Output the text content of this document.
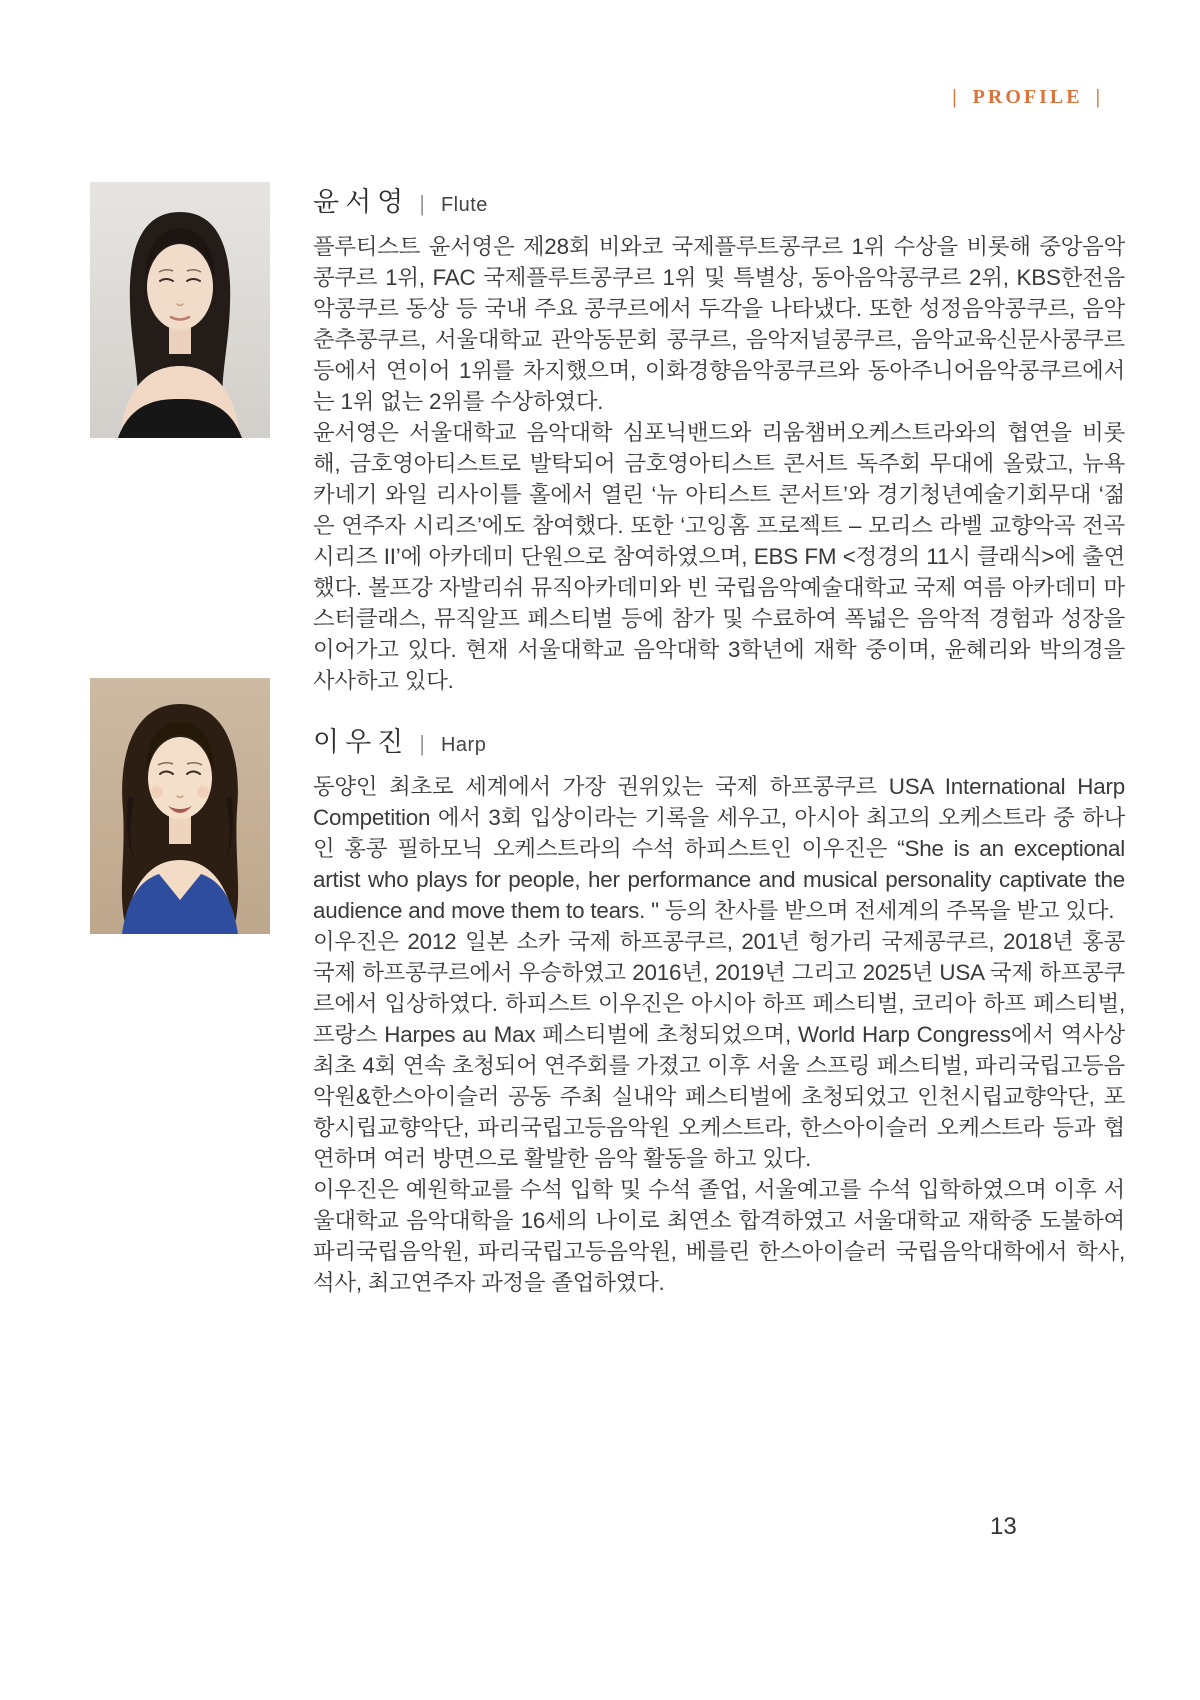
| PROFILE |
윤서영 | Flute

플루티스트 윤서영은 제28회 비와코 국제플루트콩쿠르 1위 수상을 비롯해 중앙음악콩쿠르 1위, FAC 국제플루트콩쿠르 1위 및 특별상, 동아음악콩쿠르 2위, KBS한전음악콩쿠르 동상 등 국내 주요 콩쿠르에서 두각을 나타냈다. 또한 성정음악콩쿠르, 음악춘추콩쿠르, 서울대학교 관악동문회 콩쿠르, 음악저널콩쿠르, 음악교육신문사콩쿠르 등에서 연이어 1위를 차지했으며, 이화경향음악콩쿠르와 동아주니어음악콩쿠르에서는 1위 없는 2위를 수상하였다.

윤서영은 서울대학교 음악대학 심포닉밴드와 리움챔버오케스트라와의 협연을 비롯해, 금호영아티스트로 발탁되어 금호영아티스트 콘서트 독주회 무대에 올랐고, 뉴욕 카네기 와일 리사이틀 홀에서 열린 ‘뉴 아티스트 콘서트’와 경기청년예술기회무대 ‘젊은 연주자 시리즈’에도 참여했다. 또한 ‘고잉홈 프로젝트 – 모리스 라벨 교향악곡 전곡 시리즈 II’에 아카데미 단원으로 참여하였으며, EBS FM <정경의 11시 클래식>에 출연했다. 볼프강 자발리쉬 뮤직아카데미와 빈 국립음악예술대학교 국제 여름 아카데미 마스터클래스, 뮤직알프 페스티벌 등에 참가 및 수료하여 폭넓은 음악적 경험과 성장을 이어가고 있다. 현재 서울대학교 음악대학 3학년에 재학 중이며, 윤혜리와 박의경을 사사하고 있다.

이우진 | Harp

동양인 최초로 세계에서 가장 권위있는 국제 하프콩쿠르 USA International Harp Competition 에서 3회 입상이라는 기록을 세우고, 아시아 최고의 오케스트라 중 하나인 홍콩 필하모닉 오케스트라의 수석 하피스트인 이우진은 “She is an exceptional artist who plays for people, her performance and musical personality captivate the audience and move them to tears. " 등의 찬사를 받으며 전세계의 주목을 받고 있다.

이우진은 2012 일본 소카 국제 하프콩쿠르, 201년 헝가리 국제콩쿠르, 2018년 홍콩 국제 하프콩쿠르에서 우승하였고 2016년, 2019년 그리고 2025년 USA 국제 하프콩쿠르에서 입상하였다. 하피스트 이우진은 아시아 하프 페스티벌, 코리아 하프 페스티벌, 프랑스 Harpes au Max 페스티벌에 초청되었으며, World Harp Congress에서 역사상 최초 4회 연속 초청되어 연주회를 가졌고 이후 서울 스프링 페스티벌, 파리국립고등음악원&한스아이슬러 공동 주최 실내악 페스티벌에 초청되었고 인천시립교향악단, 포항시립교향악단, 파리국립고등음악원 오케스트라, 한스아이슬러 오케스트라 등과 협연하며 여러 방면으로 활발한 음악 활동을 하고 있다.

이우진은 예원학교를 수석 입학 및 수석 졸업, 서울예고를 수석 입학하였으며 이후 서울대학교 음악대학을 16세의 나이로 최연소 합격하였고 서울대학교 재학중 도불하여 파리국립음악원, 파리국립고등음악원, 베를린 한스아이슬러 국립음악대학에서 학사, 석사, 최고연주자 과정을 졸업하였다.

13
